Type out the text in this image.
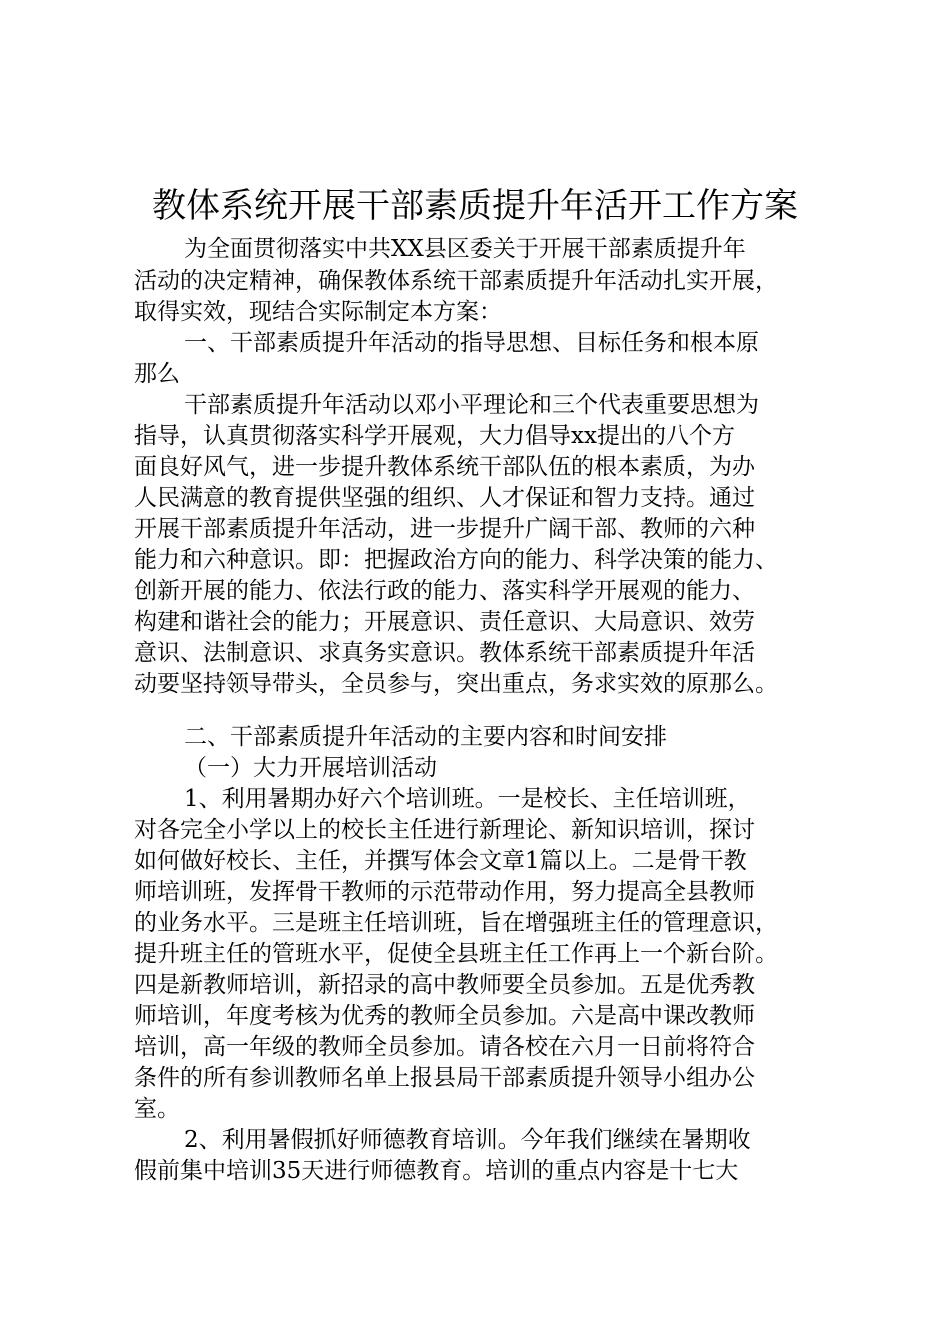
教体系统开展干部素质提升年活开工作方案
为全面贯彻落实中共XX县区委关于开展干部素质提升年
活动的决定精神，确保教体系统干部素质提升年活动扎实开展，
取得实效，现结合实际制定本方案：
一、干部素质提升年活动的指导思想、目标任务和根本原
那么
干部素质提升年活动以邓小平理论和三个代表重要思想为
指导，认真贯彻落实科学开展观，大力倡导xx提出的八个方
面良好风气，进一步提升教体系统干部队伍的根本素质，为办
人民满意的教育提供坚强的组织、人才保证和智力支持。通过
开展干部素质提升年活动，进一步提升广阔干部、教师的六种
能力和六种意识。即：把握政治方向的能力、科学决策的能力、
创新开展的能力、依法行政的能力、落实科学开展观的能力、
构建和谐社会的能力；开展意识、责任意识、大局意识、效劳
意识、法制意识、求真务实意识。教体系统干部素质提升年活
动要坚持领导带头，全员参与，突出重点，务求实效的原那么。
二、干部素质提升年活动的主要内容和时间安排
（一）大力开展培训活动
1、利用暑期办好六个培训班。一是校长、主任培训班，
对各完全小学以上的校长主任进行新理论、新知识培训，探讨
如何做好校长、主任，并撰写体会文章1篇以上。二是骨干教
师培训班，发挥骨干教师的示范带动作用，努力提高全县教师
的业务水平。三是班主任培训班，旨在增强班主任的管理意识，
提升班主任的管班水平，促使全县班主任工作再上一个新台阶。
四是新教师培训，新招录的高中教师要全员参加。五是优秀教
师培训，年度考核为优秀的教师全员参加。六是高中课改教师
培训，高一年级的教师全员参加。请各校在六月一日前将符合
条件的所有参训教师名单上报县局干部素质提升领导小组办公
室。
2、利用暑假抓好师德教育培训。今年我们继续在暑期收
假前集中培训35天进行师德教育。培训的重点内容是十七大
